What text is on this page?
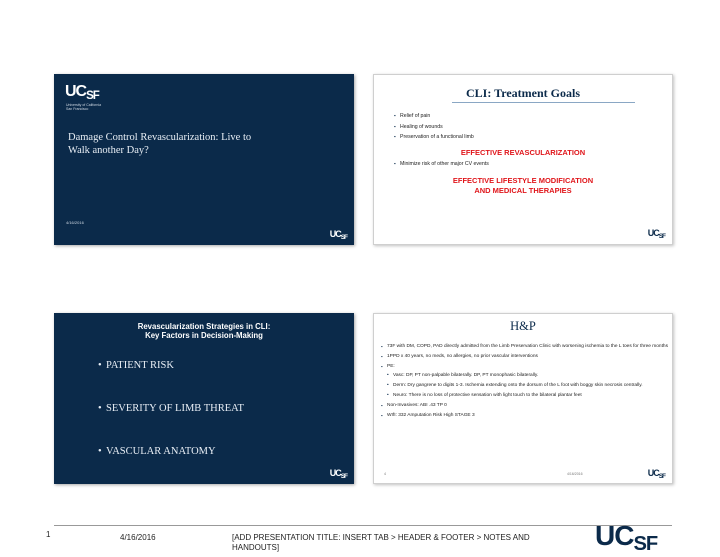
UCSF
University of California
San Francisco
Damage Control Revascularization: Live to Walk another Day?
4/16/2016
UCSF
CLI: Treatment Goals
▪ Relief of pain
▪ Healing of wounds
▪ Preservation of a functional limb
EFFECTIVE REVASCULARIZATION
▪ Minimize risk of other major CV events
EFFECTIVE LIFESTYLE MODIFICATION
AND MEDICAL THERAPIES
UCSF
Revascularization Strategies in CLI:
Key Factors in Decision-Making
• PATIENT RISK
• SEVERITY OF LIMB THREAT
• VASCULAR ANATOMY
UCSF
H&P
▪ 73F with DM, COPD, PAD directly admitted from the Limb Preservation Clinic with worsening ischemia to the L toes for three months
▪ 1PPD x 40 years, no meds, no allergies, no prior vascular interventions
▪ PE:
• Vasc: DP, PT non-palpable bilaterally. DP, PT monophasic bilaterally.
• Derm: Dry gangrene to digits 1-3. Ischemia extending onto the dorsum of the L foot with boggy skin necrosis centrally.
• Neuro: There is no loss of protective sensation with light touch to the bilateral plantar feet
▪ Non-Invasives: ABI .43 TP 0
▪ WIfI: 332 Amputation Risk High STAGE 3
4	4/16/2016	UCSF
1	4/16/2016	[ADD PRESENTATION TITLE: INSERT TAB > HEADER & FOOTER > NOTES AND HANDOUTS]	UCSF
